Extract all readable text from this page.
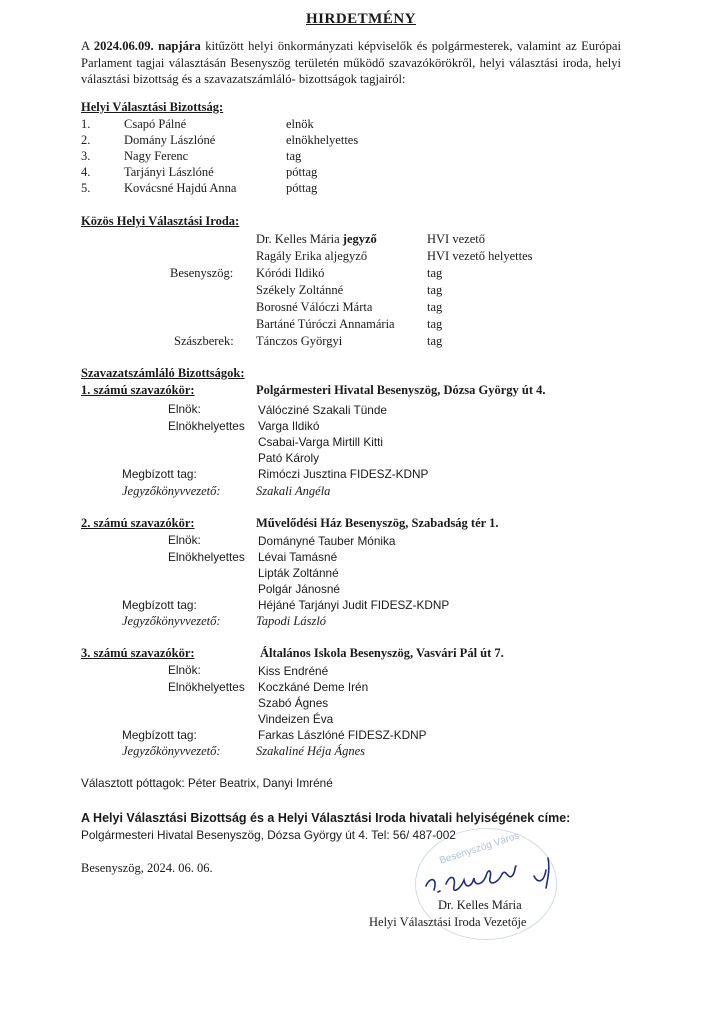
HIRDETMÉNY
A 2024.06.09. napjára kitűzött helyi önkormányzati képviselők és polgármesterek, valamint az Európai Parlament tagjai választásán Besenyszög területén működő szavazókörökről, helyi választási iroda, helyi választási bizottság és a szavazatszámláló- bizottságok tagjairól:
Helyi Választási Bizottság:
1.	Csapó Pálné	elnök
2.	Domány Lászlóné	elnökhelyettes
3.	Nagy Ferenc	tag
4.	Tarjányi Lászlóné	póttag
5.	Kovácsné Hajdú Anna	póttag
Közös Helyi Választási Iroda:
Dr. Kelles Mária jegyző	HVI vezető
Ragály Erika aljegyző	HVI vezető helyettes
Besenyszög: Kóródi Ildikó	tag
Székely Zoltánné	tag
Borosné Válóczi Márta	tag
Bartáné Túróczi Annamária	tag
Szászberek: Tánczos Györgyi	tag
Szavazatszámláló Bizottságok:
1. számú szavazókör:	Polgármesteri Hivatal Besenyszög, Dózsa György út 4.
Elnök:	Válócziné Szakali Tünde
Elnökhelyettes Varga Ildikó
Csabai-Varga Mirtill Kitti
Pató Károly
Megbízott tag:	Rimóczi Jusztina FIDESZ-KDNP
Jegyzőkönyvvezető:	Szakali Angéla
2. számú szavazókör:	Művelődési Ház Besenyszög, Szabadság tér 1.
Elnök:	Dományné Tauber Mónika
Elnökhelyettes Lévai Tamásné
Lipták Zoltánné
Polgár Jánosné
Megbízott tag:	Héjáné Tarjányi Judit FIDESZ-KDNP
Jegyzőkönyvvezető:	Tapodi László
3. számú szavazókör:	Általános Iskola Besenyszög, Vasvári Pál út 7.
Elnök:	Kiss Endréné
Elnökhelyettes Koczkáné Deme Irén
Szabó Ágnes
Vindeizen Éva
Megbízott tag:	Farkas Lászlóné FIDESZ-KDNP
Jegyzőkönyvvezető:	Szakaliné Héja Ágnes
Választott póttagok: Péter Beatrix, Danyi Imréné
A Helyi Választási Bizottság és a Helyi Választási Iroda hivatali helyiségének címe:
Polgármesteri Hivatal Besenyszög, Dózsa György út 4. Tel: 56/ 487-002
Besenyszög, 2024. 06. 06.
Besenyszög Város
Dr. Kelles Mária
Helyi Választási Iroda Vezetője
